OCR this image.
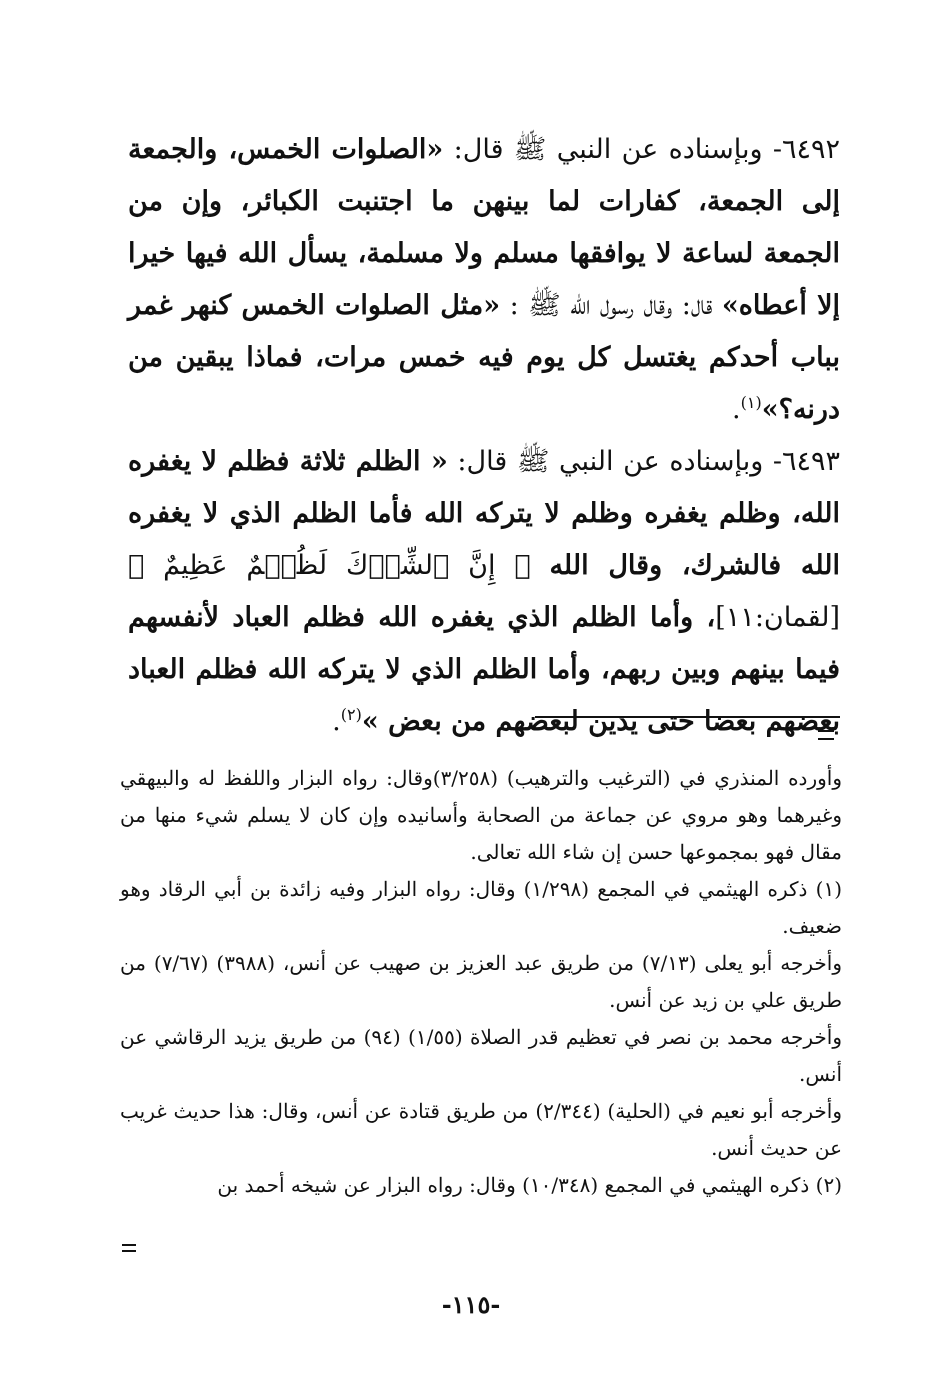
٦٤٩٢- وبإسناده عن النبي ﷺ قال: «الصلوات الخمس، والجمعة إلى الجمعة، كفارات لما بينهن ما اجتنبت الكبائر، وإن من الجمعة لساعة لا يوافقها مسلم ولا مسلمة، يسأل الله فيها خيرا إلا أعطاه» قال: وقال رسول الله ﷺ : «مثل الصلوات الخمس كنهر غمر بباب أحدكم يغتسل كل يوم فيه خمس مرات، فماذا يبقين من درنه؟»$^{(١)}$.

٦٤٩٣- وبإسناده عن النبي ﷺ قال: « الظلم ثلاثة فظلم لا يغفره الله، وظلم يغفره وظلم لا يتركه الله فأما الظلم الذي لا يغفره الله فالشرك، وقال الله ﴿ إِنَّ ٱلشِّرۡكَ لَظُلۡمٌ عَظِيمٌ ﴾ [لقمان:١١]، وأما الظلم الذي يغفره الله فظلم العباد لأنفسهم فيما بينهم وبين ربهم، وأما الظلم الذي لا يتركه الله فظلم العباد بعضهم بعضا حتى يدين لبعضهم من بعض »$^{(٢)}$.

وأورده المنذري في (الترغيب والترهيب) (٣/٢٥٨)وقال: رواه البزار واللفظ له والبيهقي وغيرهما وهو مروي عن جماعة من الصحابة وأسانيده وإن كان لا يسلم شيء منها من مقال فهو بمجموعها حسن إن شاء الله تعالى.

(١) ذكره الهيثمي في المجمع (١/٢٩٨) وقال: رواه البزار وفيه زائدة بن أبي الرقاد وهو ضعيف.

وأخرجه أبو يعلى (٧/١٣) من طريق عبد العزيز بن صهيب عن أنس، (٣٩٨٨) (٧/٦٧) من طريق علي بن زيد عن أنس.

وأخرجه محمد بن نصر في تعظيم قدر الصلاة (١/٥٥) (٩٤) من طريق يزيد الرقاشي عن أنس.

وأخرجه أبو نعيم في (الحلية) (٢/٣٤٤) من طريق قتادة عن أنس، وقال: هذا حديث غريب عن حديث أنس.

(٢) ذكره الهيثمي في المجمع (١٠/٣٤٨) وقال: رواه البزار عن شيخه أحمد بن

-١١٥-
